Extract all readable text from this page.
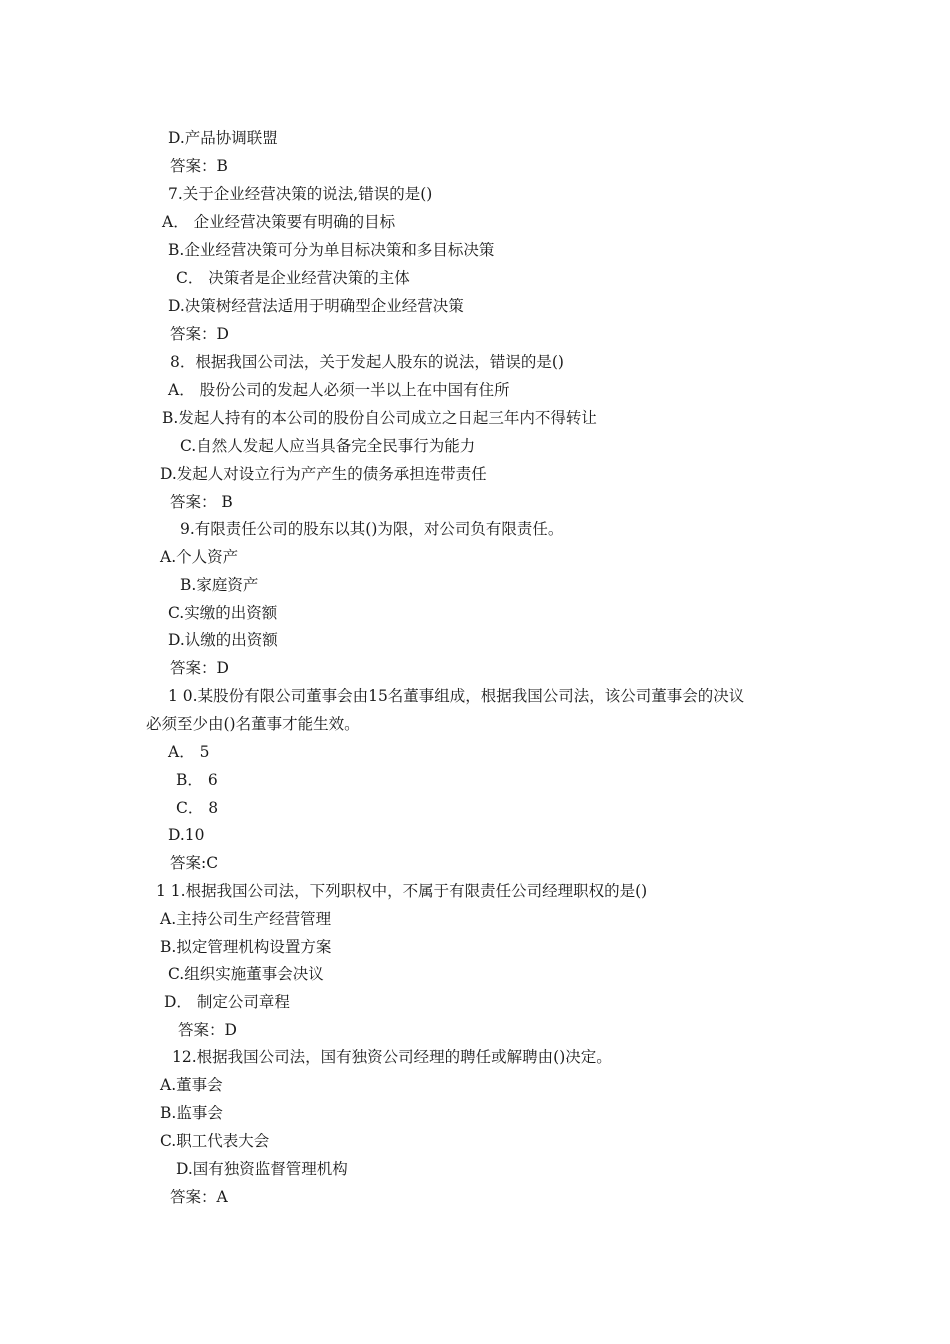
D.产品协调联盟
答案：B
7.关于企业经营决策的说法,错误的是()
A． 企业经营决策要有明确的目标
B.企业经营决策可分为单目标决策和多目标决策
C． 决策者是企业经营决策的主体
D.决策树经营法适用于明确型企业经营决策
答案：D
8．根据我国公司法，关于发起人股东的说法，错误的是()
A． 股份公司的发起人必须一半以上在中国有住所
B.发起人持有的本公司的股份自公司成立之日起三年内不得转让
C.自然人发起人应当具备完全民事行为能力
D.发起人对设立行为产产生的债务承担连带责任
答案： B
9.有限责任公司的股东以其()为限，对公司负有限责任。
A.个人资产
B.家庭资产
C.实缴的出资额
D.认缴的出资额
答案：D
1 0.某股份有限公司董事会由15名董事组成，根据我国公司法，该公司董事会的决议
必须至少由()名董事才能生效。
A． 5
B． 6
C． 8
D.10
答案:C
1 1.根据我国公司法，下列职权中，不属于有限责任公司经理职权的是()
A.主持公司生产经营管理
B.拟定管理机构设置方案
C.组织实施董事会决议
D． 制定公司章程
答案：D
12.根据我国公司法，国有独资公司经理的聘任或解聘由()决定。
A.董事会
B.监事会
C.职工代表大会
D.国有独资监督管理机构
答案：A
